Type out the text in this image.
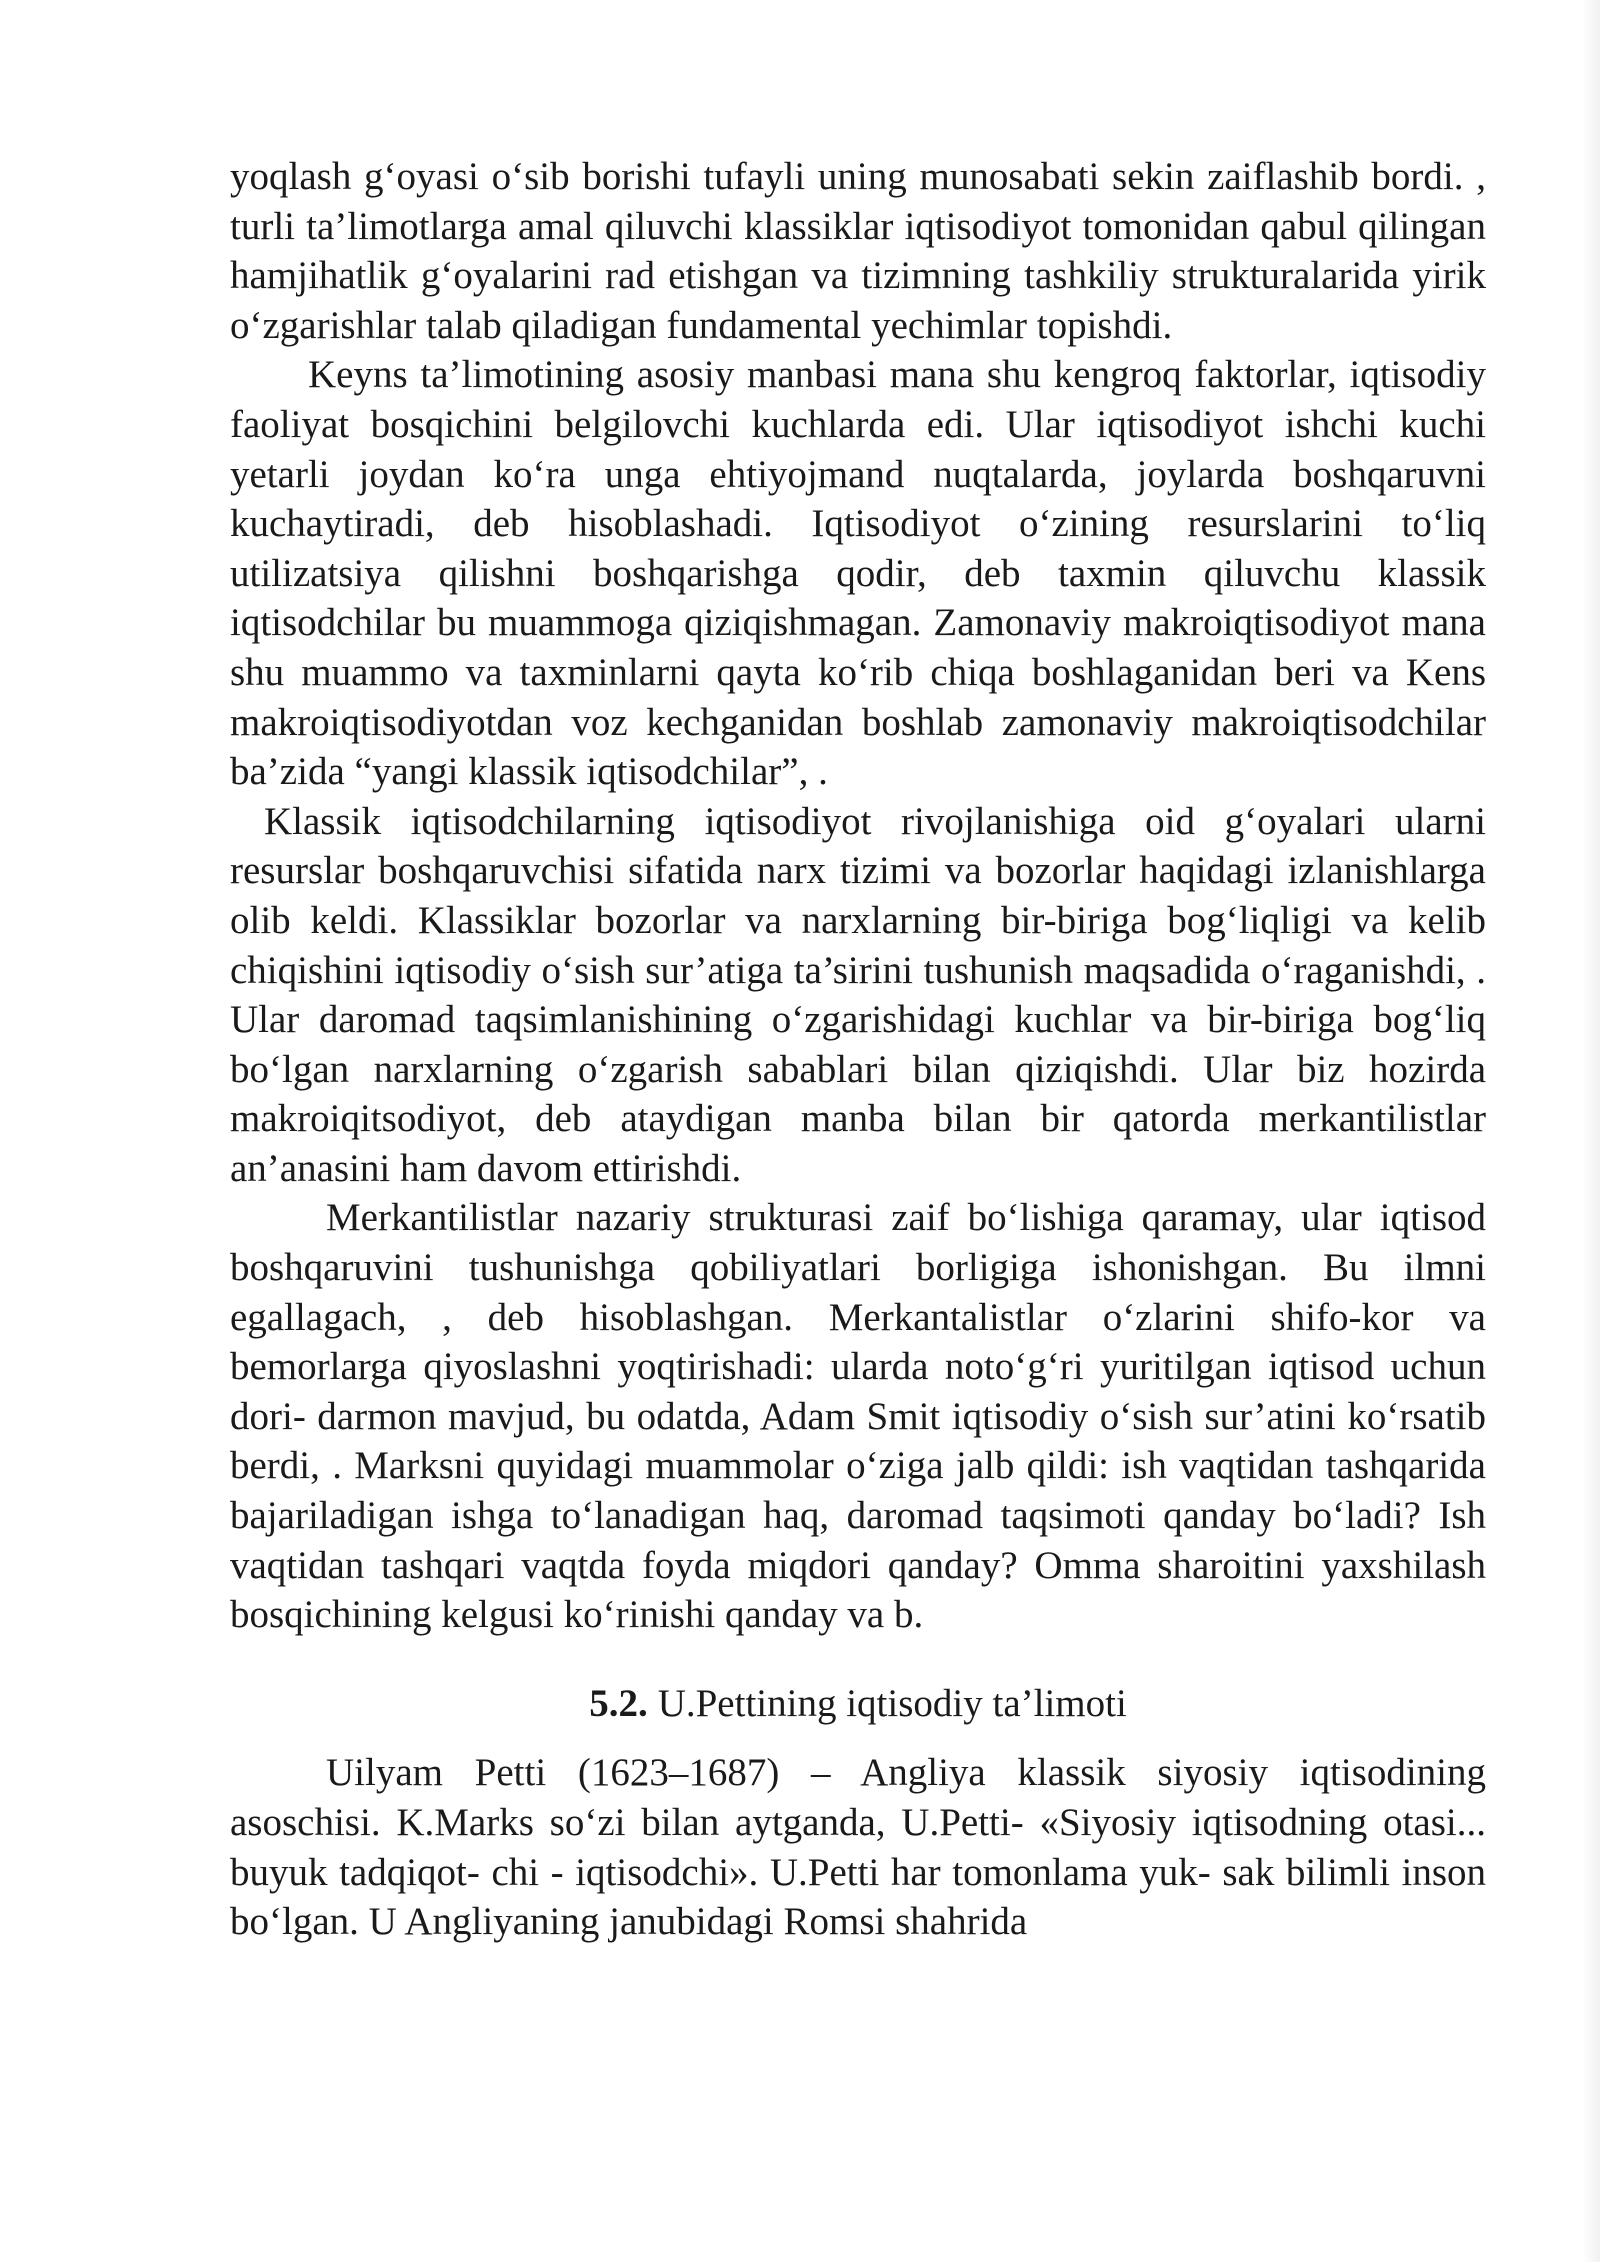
yoqlash g‘oyasi o‘sib borishi tufayli uning munosabati sekin zaiflashib bordi. , turli ta’limotlarga amal qiluvchi klassiklar iqtisodiyot tomonidan qabul qilingan hamjihatlik g‘oyalarini rad etishgan va tizimning tashkiliy strukturalarida yirik o‘zgarishlar talab qiladigan fundamental yechimlar topishdi.

Keyns ta’limotining asosiy manbasi mana shu kengroq faktorlar, iqtisodiy faoliyat bosqichini belgilovchi kuchlarda edi. Ular iqtisodiyot ishchi kuchi yetarli joydan ko‘ra unga ehtiyojmand nuqtalarda, joylarda boshqaruvni kuchaytiradi, deb hisoblashadi. Iqtisodiyot o‘zining resurslarini to‘liq utilizatsiya qilishni boshqarishga qodir, deb taxmin qiluvchu klassik iqtisodchilar bu muammoga qiziqishmagan. Zamonaviy makroiqtisodiyot mana shu muammo va taxminlarni qayta ko‘rib chiqa boshlaganidan beri va Kens makroiqtisodiyotdan voz kechganidan boshlab zamonaviy makroiqtisodchilar ba’zida “yangi klassik iqtisodchilar”, .

Klassik iqtisodchilarning iqtisodiyot rivojlanishiga oid g‘oyalari ularni resurslar boshqaruvchisi sifatida narx tizimi va bozorlar haqidagi izlanishlarga olib keldi. Klassiklar bozorlar va narxlarning bir-biriga bog‘liqligi va kelib chiqishini iqtisodiy o‘sish sur’atiga ta’sirini tushunish maqsadida o‘raganishdi, . Ular daromad taqsimlanishining o‘zgarishidagi kuchlar va bir-biriga bog‘liq bo‘lgan narxlarning o‘zgarish sabablari bilan qiziqishdi. Ular biz hozirda makroiqitsodiyot, deb ataydigan manba bilan bir qatorda merkantilistlar an’anasini ham davom ettirishdi.

Merkantilistlar nazariy strukturasi zaif bo‘lishiga qaramay, ular iqtisod boshqaruvini tushunishga qobiliyatlari borligiga ishonishgan. Bu ilmni egallagach, , deb hisoblashgan. Merkantalistlar o‘zlarini shifo-kor va bemorlarga qiyoslashni yoqtirishadi: ularda noto‘g‘ri yuritilgan iqtisod uchun dori- darmon mavjud, bu odatda, Adam Smit iqtisodiy o‘sish sur’atini ko‘rsatib berdi, . Marksni quyidagi muammolar o‘ziga jalb qildi: ish vaqtidan tashqarida bajariladigan ishga to‘lanadigan haq, daromad taqsimoti qanday bo‘ladi? Ish vaqtidan tashqari vaqtda foyda miqdori qanday? Omma sharoitini yaxshilash bosqichining kelgusi ko‘rinishi qanday va b.

5.2. U.Pettining iqtisodiy ta’limoti

Uilyam Petti (1623–1687) – Angliya klassik siyosiy iqtisodining asoschisi. K.Marks so‘zi bilan aytganda, U.Petti- «Siyosiy iqtisodning otasi... buyuk tadqiqot- chi - iqtisodchi». U.Petti har tomonlama yuk- sak bilimli inson bo‘lgan. U Angliyaning janubidagi Romsi shahrida
